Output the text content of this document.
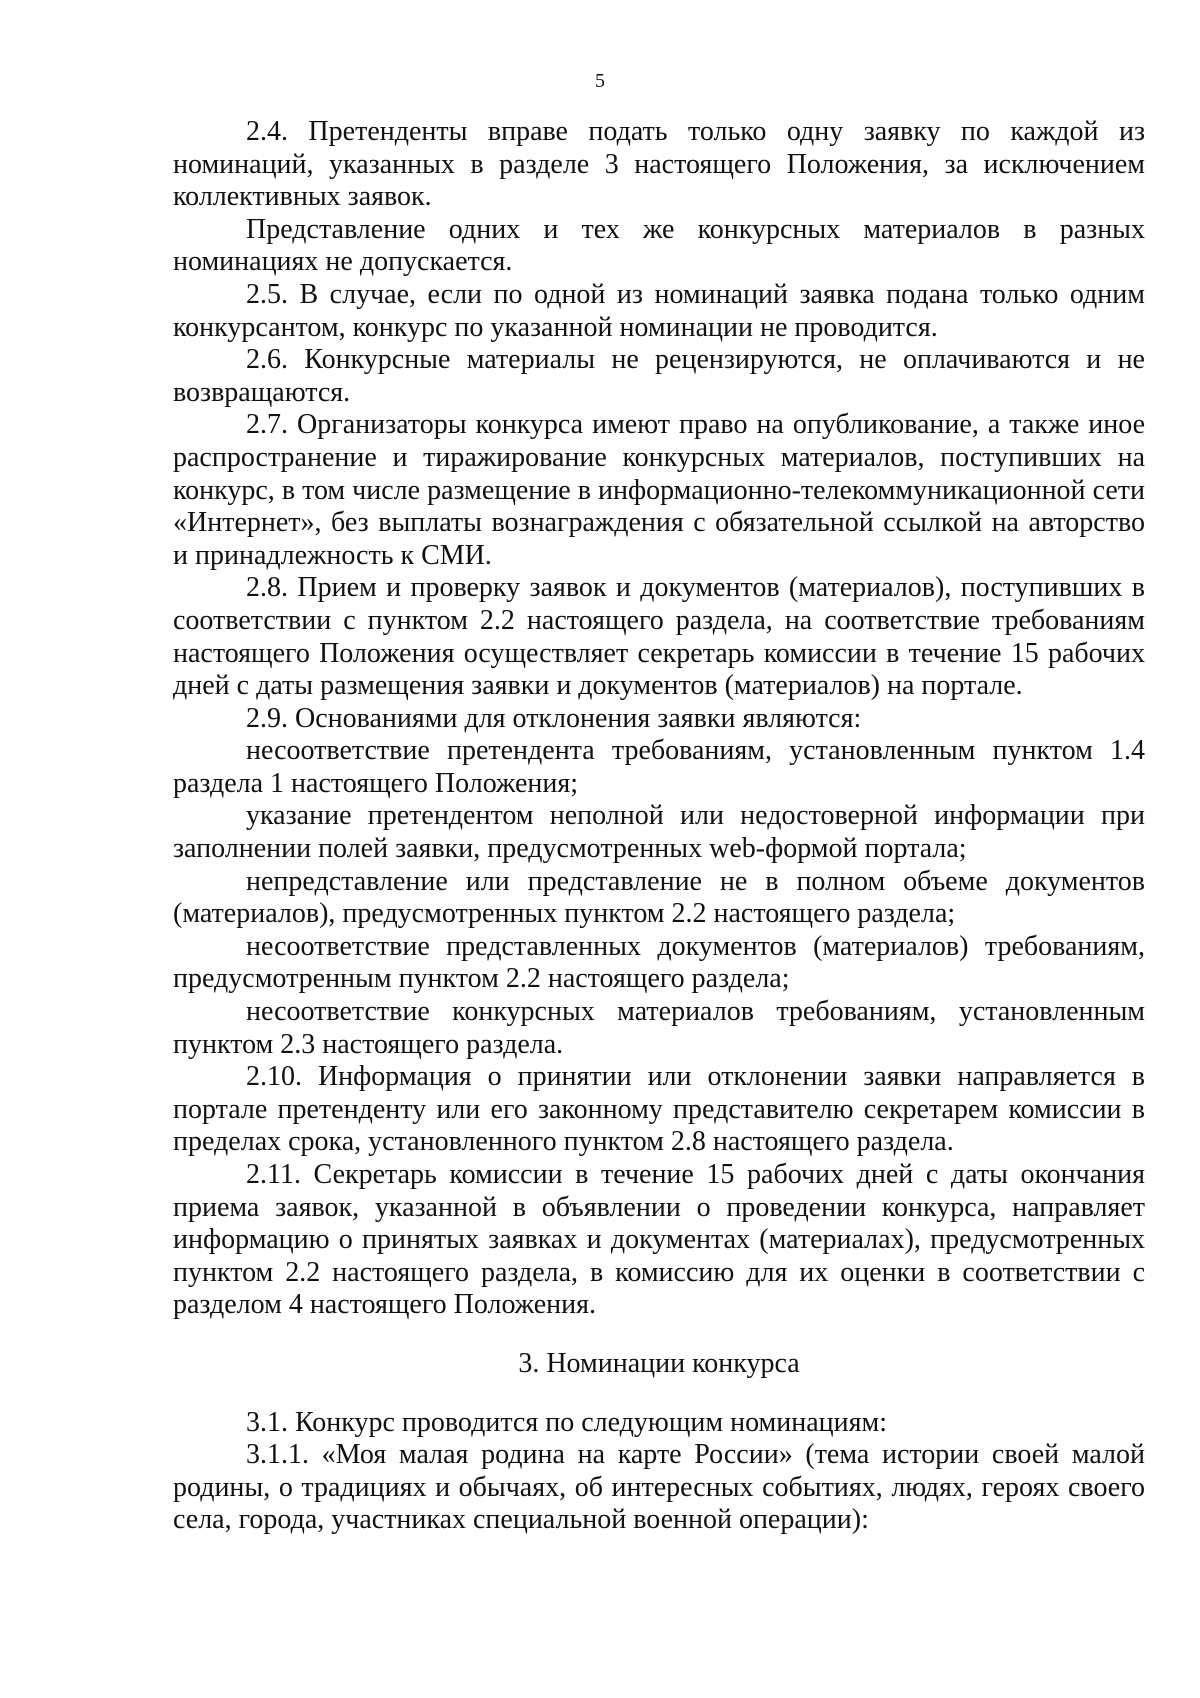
5

2.4. Претенденты вправе подать только одну заявку по каждой из номинаций, указанных в разделе 3 настоящего Положения, за исключением коллективных заявок.

Представление одних и тех же конкурсных материалов в разных номинациях не допускается.

2.5. В случае, если по одной из номинаций заявка подана только одним конкурсантом, конкурс по указанной номинации не проводится.

2.6. Конкурсные материалы не рецензируются, не оплачиваются и не возвращаются.

2.7. Организаторы конкурса имеют право на опубликование, а также иное распространение и тиражирование конкурсных материалов, поступивших на конкурс, в том числе размещение в информационно-телекоммуникационной сети «Интернет», без выплаты вознаграждения с обязательной ссылкой на авторство и принадлежность к СМИ.

2.8. Прием и проверку заявок и документов (материалов), поступивших в соответствии с пунктом 2.2 настоящего раздела, на соответствие требованиям настоящего Положения осуществляет секретарь комиссии в течение 15 рабочих дней с даты размещения заявки и документов (материалов) на портале.

2.9. Основаниями для отклонения заявки являются:

несоответствие претендента требованиям, установленным пунктом 1.4 раздела 1 настоящего Положения;

указание претендентом неполной или недостоверной информации при заполнении полей заявки, предусмотренных web-формой портала;

непредставление или представление не в полном объеме документов (материалов), предусмотренных пунктом 2.2 настоящего раздела;

несоответствие представленных документов (материалов) требованиям, предусмотренным пунктом 2.2 настоящего раздела;

несоответствие конкурсных материалов требованиям, установленным пунктом 2.3 настоящего раздела.

2.10. Информация о принятии или отклонении заявки направляется в портале претенденту или его законному представителю секретарем комиссии в пределах срока, установленного пунктом 2.8 настоящего раздела.

2.11. Секретарь комиссии в течение 15 рабочих дней с даты окончания приема заявок, указанной в объявлении о проведении конкурса, направляет информацию о принятых заявках и документах (материалах), предусмотренных пунктом 2.2 настоящего раздела, в комиссию для их оценки в соответствии с разделом 4 настоящего Положения.

3. Номинации конкурса

3.1. Конкурс проводится по следующим номинациям:

3.1.1. «Моя малая родина на карте России» (тема истории своей малой родины, о традициях и обычаях, об интересных событиях, людях, героях своего села, города, участниках специальной военной операции):
